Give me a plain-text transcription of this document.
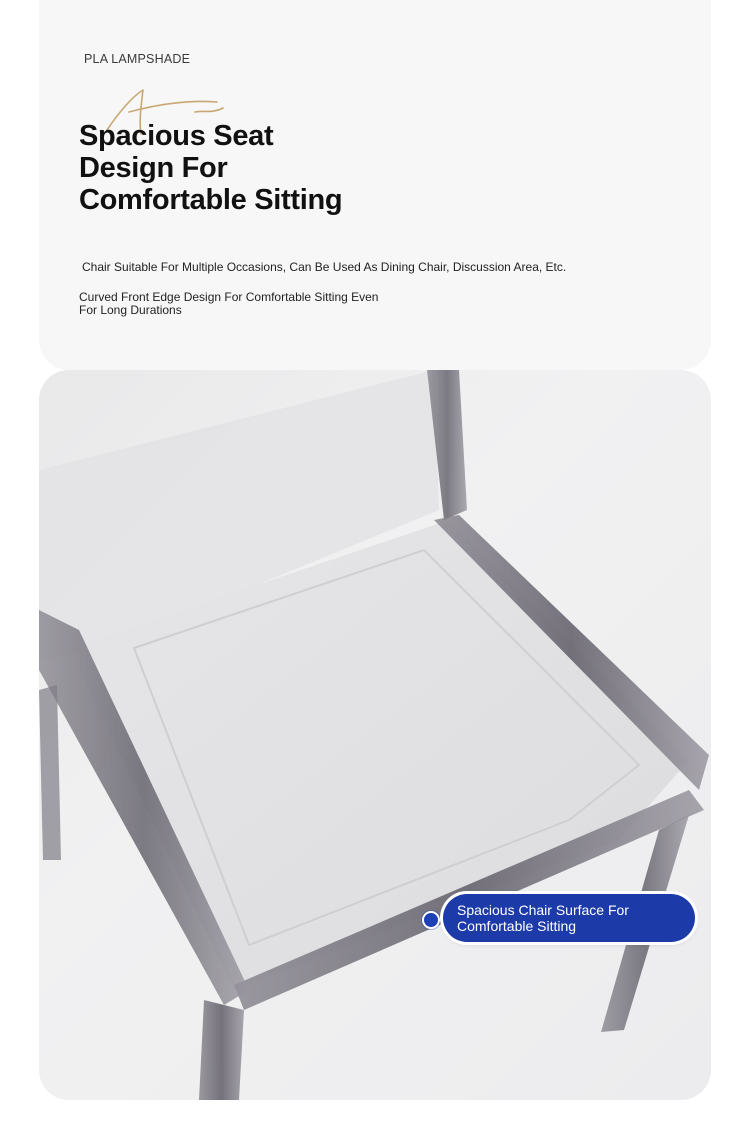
PLA LAMPSHADE
Spacious Seat
Design For
Comfortable Sitting
Chair Suitable For Multiple Occasions, Can Be Used As Dining Chair, Discussion Area, Etc.
Curved Front Edge Design For Comfortable Sitting Even
For Long Durations
Spacious Chair Surface For
Comfortable Sitting
